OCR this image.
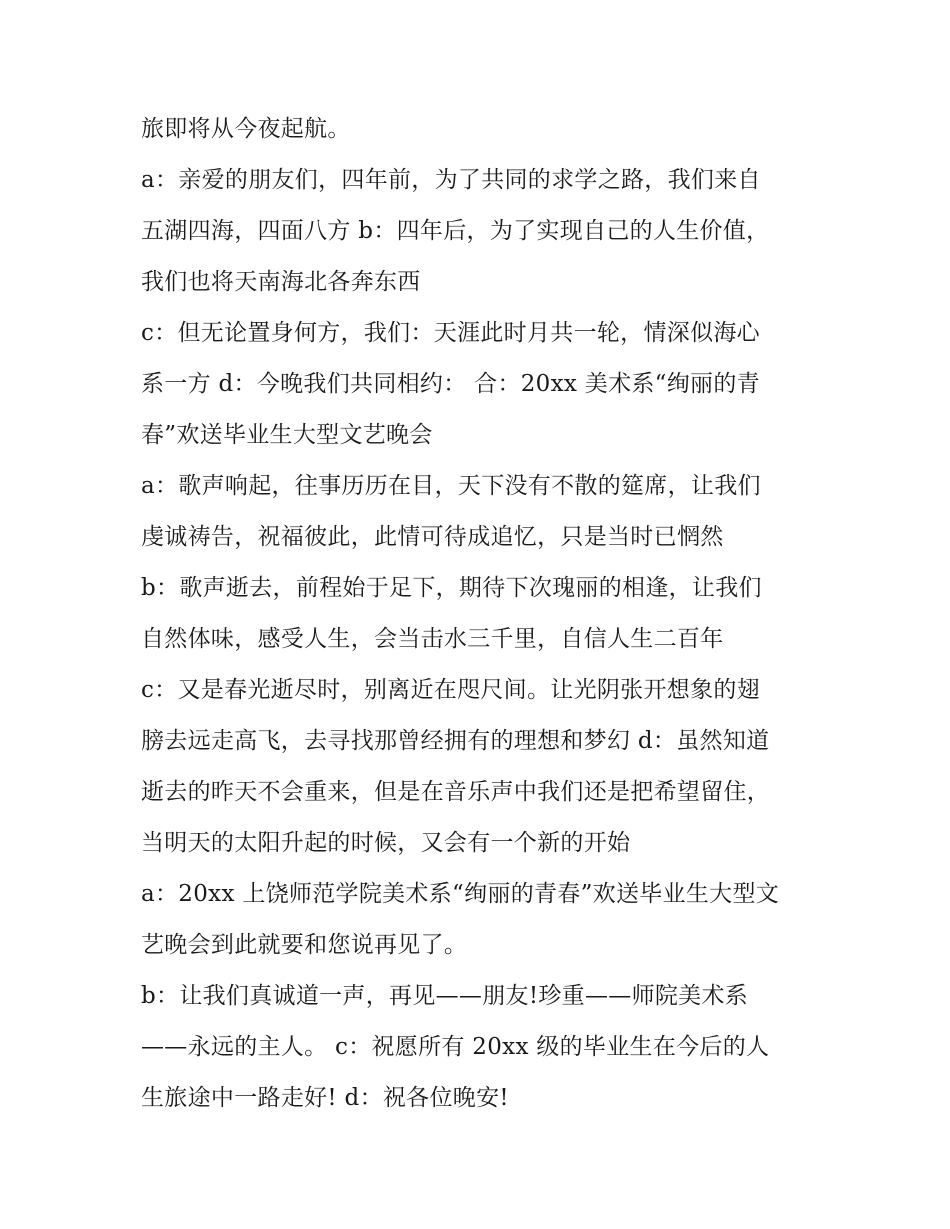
旅即将从今夜起航。
a：亲爱的朋友们，四年前，为了共同的求学之路，我们来自
五湖四海，四面八方 b：四年后，为了实现自己的人生价值，
我们也将天南海北各奔东西
c：但无论置身何方，我们：天涯此时月共一轮，情深似海心
系一方 d：今晚我们共同相约： 合：20xx 美术系“绚丽的青
春”欢送毕业生大型文艺晚会
a：歌声响起，往事历历在目，天下没有不散的筵席，让我们
虔诚祷告，祝福彼此，此情可待成追忆，只是当时已惘然
b：歌声逝去，前程始于足下，期待下次瑰丽的相逢，让我们
自然体味，感受人生，会当击水三千里，自信人生二百年
c：又是春光逝尽时，别离近在咫尺间。让光阴张开想象的翅
膀去远走高飞，去寻找那曾经拥有的理想和梦幻 d：虽然知道
逝去的昨天不会重来，但是在音乐声中我们还是把希望留住，
当明天的太阳升起的时候，又会有一个新的开始
a：20xx 上饶师范学院美术系“绚丽的青春”欢送毕业生大型文
艺晚会到此就要和您说再见了。
b：让我们真诚道一声，再见——朋友!珍重——师院美术系
——永远的主人。 c：祝愿所有 20xx 级的毕业生在今后的人
生旅途中一路走好! d：祝各位晚安!
